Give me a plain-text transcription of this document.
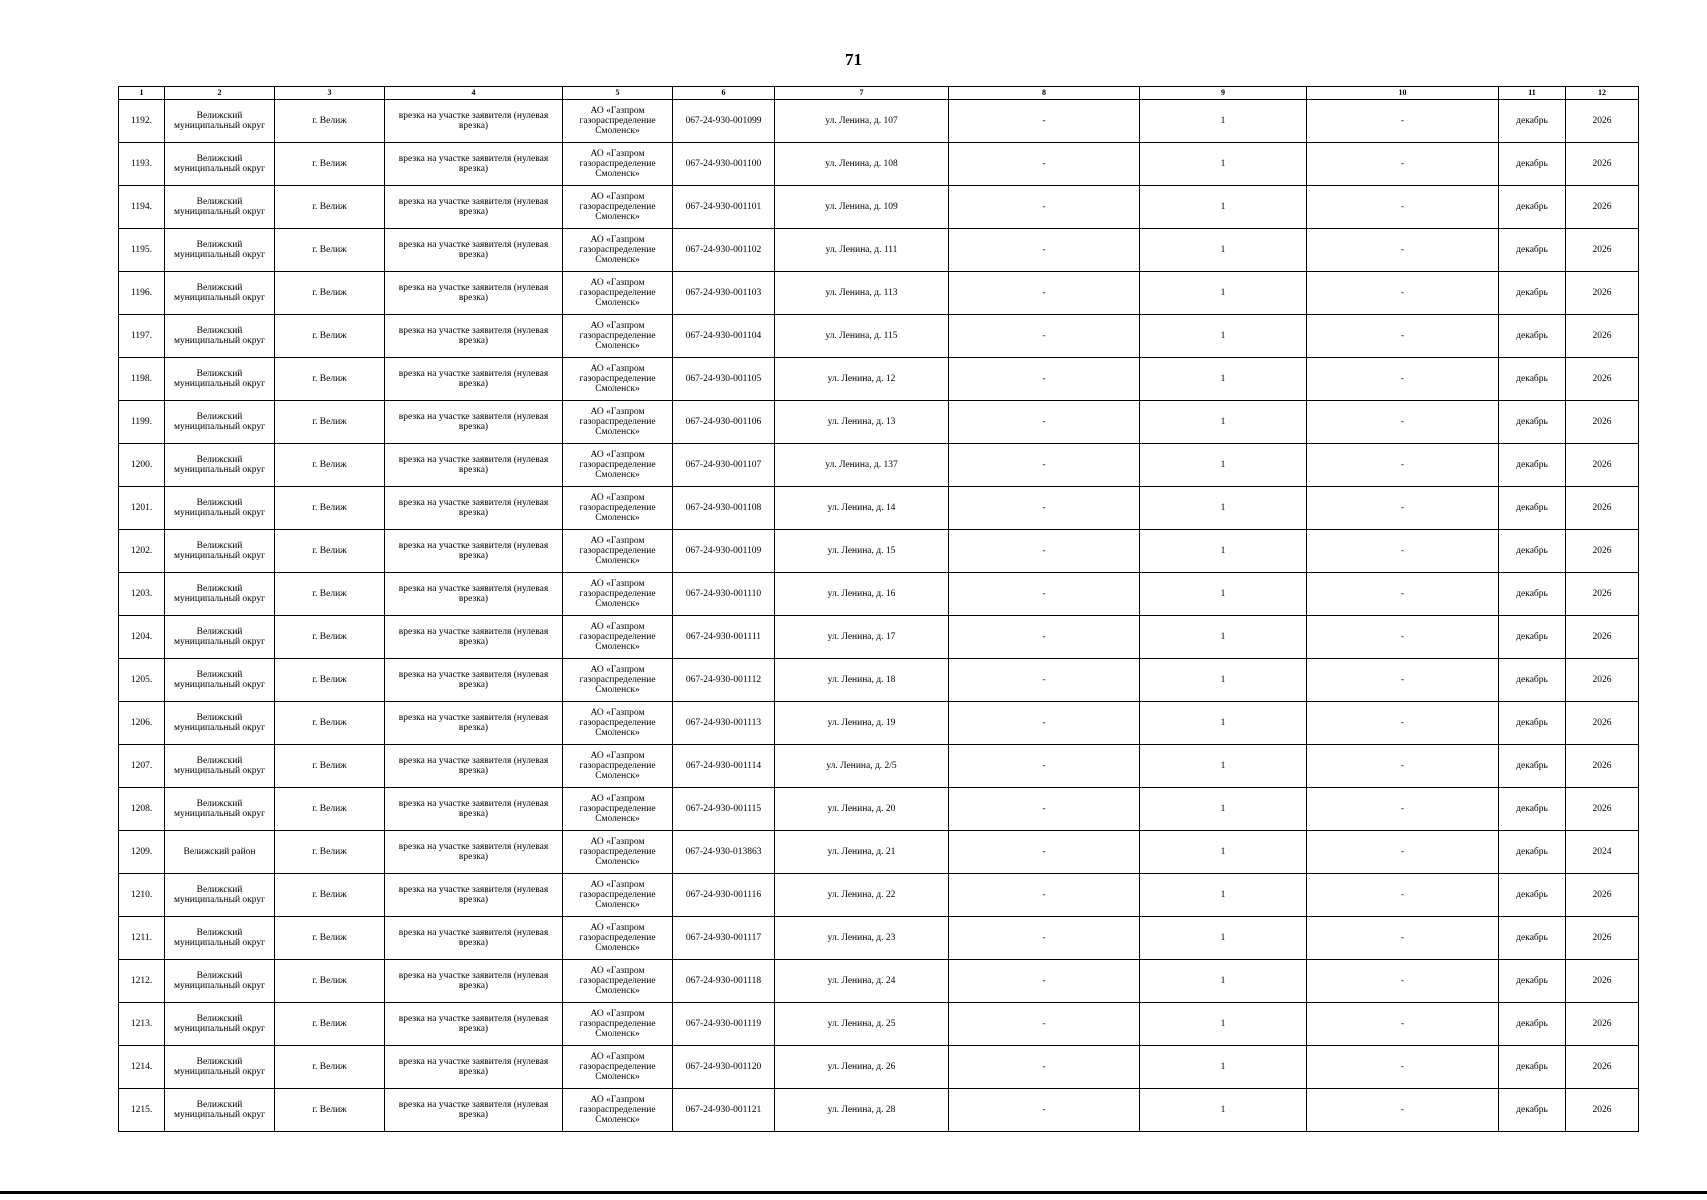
71
1	2	3	4	5	6	7	8	9	10	11	12
1192.	Велижский муниципальный округ	г. Велиж	врезка на участке заявителя (нулевая врезка)	АО «Газпром газораспределение Смоленск»	067-24-930-001099	ул. Ленина, д. 107	-	1	-	декабрь	2026
1193.	Велижский муниципальный округ	г. Велиж	врезка на участке заявителя (нулевая врезка)	АО «Газпром газораспределение Смоленск»	067-24-930-001100	ул. Ленина, д. 108	-	1	-	декабрь	2026
1194.	Велижский муниципальный округ	г. Велиж	врезка на участке заявителя (нулевая врезка)	АО «Газпром газораспределение Смоленск»	067-24-930-001101	ул. Ленина, д. 109	-	1	-	декабрь	2026
1195.	Велижский муниципальный округ	г. Велиж	врезка на участке заявителя (нулевая врезка)	АО «Газпром газораспределение Смоленск»	067-24-930-001102	ул. Ленина, д. 111	-	1	-	декабрь	2026
1196.	Велижский муниципальный округ	г. Велиж	врезка на участке заявителя (нулевая врезка)	АО «Газпром газораспределение Смоленск»	067-24-930-001103	ул. Ленина, д. 113	-	1	-	декабрь	2026
1197.	Велижский муниципальный округ	г. Велиж	врезка на участке заявителя (нулевая врезка)	АО «Газпром газораспределение Смоленск»	067-24-930-001104	ул. Ленина, д. 115	-	1	-	декабрь	2026
1198.	Велижский муниципальный округ	г. Велиж	врезка на участке заявителя (нулевая врезка)	АО «Газпром газораспределение Смоленск»	067-24-930-001105	ул. Ленина, д. 12	-	1	-	декабрь	2026
1199.	Велижский муниципальный округ	г. Велиж	врезка на участке заявителя (нулевая врезка)	АО «Газпром газораспределение Смоленск»	067-24-930-001106	ул. Ленина, д. 13	-	1	-	декабрь	2026
1200.	Велижский муниципальный округ	г. Велиж	врезка на участке заявителя (нулевая врезка)	АО «Газпром газораспределение Смоленск»	067-24-930-001107	ул. Ленина, д. 137	-	1	-	декабрь	2026
1201.	Велижский муниципальный округ	г. Велиж	врезка на участке заявителя (нулевая врезка)	АО «Газпром газораспределение Смоленск»	067-24-930-001108	ул. Ленина, д. 14	-	1	-	декабрь	2026
1202.	Велижский муниципальный округ	г. Велиж	врезка на участке заявителя (нулевая врезка)	АО «Газпром газораспределение Смоленск»	067-24-930-001109	ул. Ленина, д. 15	-	1	-	декабрь	2026
1203.	Велижский муниципальный округ	г. Велиж	врезка на участке заявителя (нулевая врезка)	АО «Газпром газораспределение Смоленск»	067-24-930-001110	ул. Ленина, д. 16	-	1	-	декабрь	2026
1204.	Велижский муниципальный округ	г. Велиж	врезка на участке заявителя (нулевая врезка)	АО «Газпром газораспределение Смоленск»	067-24-930-001111	ул. Ленина, д. 17	-	1	-	декабрь	2026
1205.	Велижский муниципальный округ	г. Велиж	врезка на участке заявителя (нулевая врезка)	АО «Газпром газораспределение Смоленск»	067-24-930-001112	ул. Ленина, д. 18	-	1	-	декабрь	2026
1206.	Велижский муниципальный округ	г. Велиж	врезка на участке заявителя (нулевая врезка)	АО «Газпром газораспределение Смоленск»	067-24-930-001113	ул. Ленина, д. 19	-	1	-	декабрь	2026
1207.	Велижский муниципальный округ	г. Велиж	врезка на участке заявителя (нулевая врезка)	АО «Газпром газораспределение Смоленск»	067-24-930-001114	ул. Ленина, д. 2/5	-	1	-	декабрь	2026
1208.	Велижский муниципальный округ	г. Велиж	врезка на участке заявителя (нулевая врезка)	АО «Газпром газораспределение Смоленск»	067-24-930-001115	ул. Ленина, д. 20	-	1	-	декабрь	2026
1209.	Велижский район	г. Велиж	врезка на участке заявителя (нулевая врезка)	АО «Газпром газораспределение Смоленск»	067-24-930-013863	ул. Ленина, д. 21	-	1	-	декабрь	2024
1210.	Велижский муниципальный округ	г. Велиж	врезка на участке заявителя (нулевая врезка)	АО «Газпром газораспределение Смоленск»	067-24-930-001116	ул. Ленина, д. 22	-	1	-	декабрь	2026
1211.	Велижский муниципальный округ	г. Велиж	врезка на участке заявителя (нулевая врезка)	АО «Газпром газораспределение Смоленск»	067-24-930-001117	ул. Ленина, д. 23	-	1	-	декабрь	2026
1212.	Велижский муниципальный округ	г. Велиж	врезка на участке заявителя (нулевая врезка)	АО «Газпром газораспределение Смоленск»	067-24-930-001118	ул. Ленина, д. 24	-	1	-	декабрь	2026
1213.	Велижский муниципальный округ	г. Велиж	врезка на участке заявителя (нулевая врезка)	АО «Газпром газораспределение Смоленск»	067-24-930-001119	ул. Ленина, д. 25	-	1	-	декабрь	2026
1214.	Велижский муниципальный округ	г. Велиж	врезка на участке заявителя (нулевая врезка)	АО «Газпром газораспределение Смоленск»	067-24-930-001120	ул. Ленина, д. 26	-	1	-	декабрь	2026
1215.	Велижский муниципальный округ	г. Велиж	врезка на участке заявителя (нулевая врезка)	АО «Газпром газораспределение Смоленск»	067-24-930-001121	ул. Ленина, д. 28	-	1	-	декабрь	2026
